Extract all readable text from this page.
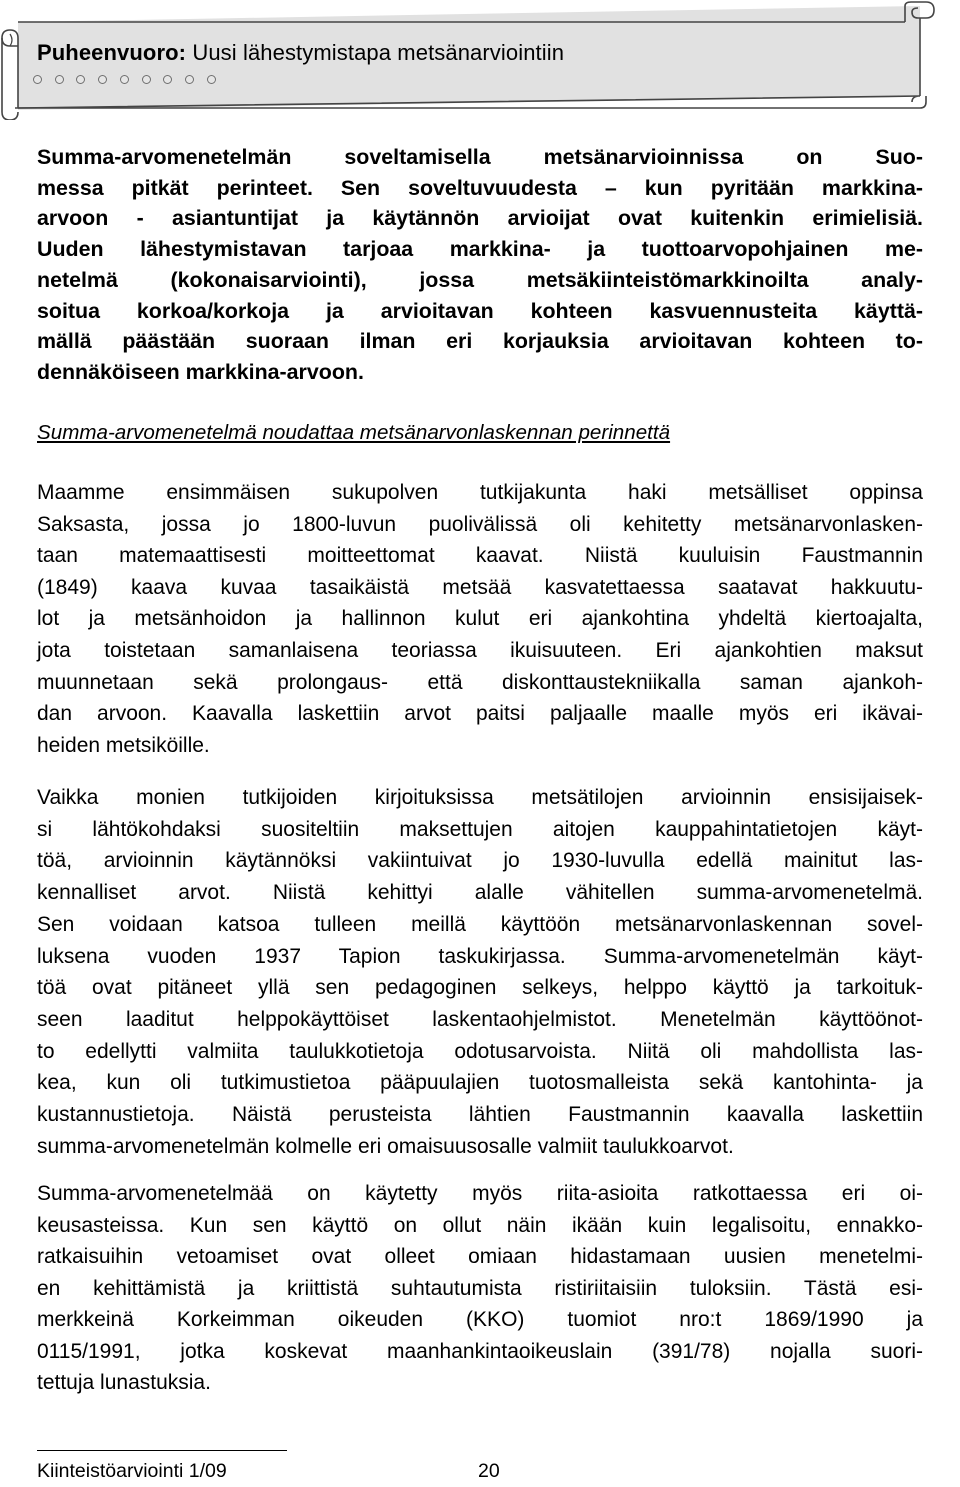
Puheenvuoro: Uusi lähestymistapa metsänarviointiin
Summa-arvomenetelmän soveltamisella metsänarvioinnissa on Suo-
messa pitkät perinteet. Sen soveltuvuudesta – kun pyritään markkina-
arvoon - asiantuntijat ja käytännön arvioijat ovat kuitenkin erimielisiä.
Uuden lähestymistavan tarjoaa markkina- ja tuottoarvopohjainen me-
netelmä (kokonaisarviointi), jossa metsäkiinteistömarkkinoilta analy-
soitua korkoa/korkoja ja arvioitavan kohteen kasvuennusteita käyttä-
mällä päästään suoraan ilman eri korjauksia arvioitavan kohteen to-
dennäköiseen markkina-arvoon.
Summa-arvomenetelmä noudattaa metsänarvonlaskennan perinnettä
Maamme ensimmäisen sukupolven tutkijakunta haki metsälliset oppinsa
Saksasta, jossa jo 1800-luvun puolivälissä oli kehitetty metsänarvonlasken-
taan matemaattisesti moitteettomat kaavat. Niistä kuuluisin Faustmannin
(1849) kaava kuvaa tasaikäistä metsää kasvatettaessa saatavat hakkuutu-
lot ja metsänhoidon ja hallinnon kulut eri ajankohtina yhdeltä kiertoajalta,
jota toistetaan samanlaisena teoriassa ikuisuuteen. Eri ajankohtien maksut
muunnetaan sekä prolongaus- että diskonttaustekniikalla saman ajankoh-
dan arvoon. Kaavalla laskettiin arvot paitsi paljaalle maalle myös eri ikävai-
heiden metsiköille.
Vaikka monien tutkijoiden kirjoituksissa metsätilojen arvioinnin ensisijaisek-
si lähtökohdaksi suositeltiin maksettujen aitojen kauppahintatietojen käyt-
töä, arvioinnin käytännöksi vakiintuivat jo 1930-luvulla edellä mainitut las-
kennalliset arvot. Niistä kehittyi alalle vähitellen summa-arvomenetelmä.
Sen voidaan katsoa tulleen meillä käyttöön metsänarvonlaskennan sovel-
luksena vuoden 1937 Tapion taskukirjassa. Summa-arvomenetelmän käyt-
töä ovat pitäneet yllä sen pedagoginen selkeys, helppo käyttö ja tarkoituk-
seen laaditut helppokäyttöiset laskentaohjelmistot. Menetelmän käyttöönot-
to edellytti valmiita taulukkotietoja odotusarvoista. Niitä oli mahdollista las-
kea, kun oli tutkimustietoa pääpuulajien tuotosmalleista sekä kantohinta- ja
kustannustietoja. Näistä perusteista lähtien Faustmannin kaavalla laskettiin
summa-arvomenetelmän kolmelle eri omaisuusosalle valmiit taulukkoarvot.
Summa-arvomenetelmää on käytetty myös riita-asioita ratkottaessa eri oi-
keusasteissa. Kun sen käyttö on ollut näin ikään kuin legalisoitu, ennakko-
ratkaisuihin vetoamiset ovat olleet omiaan hidastamaan uusien menetelmi-
en kehittämistä ja kriittistä suhtautumista ristiriitaisiin tuloksiin. Tästä esi-
merkkeinä Korkeimman oikeuden (KKO) tuomiot nro:t 1869/1990 ja
0115/1991, jotka koskevat maanhankintaoikeuslain (391/78) nojalla suori-
tettuja lunastuksia.
Kiinteistöarviointi 1/09	20
